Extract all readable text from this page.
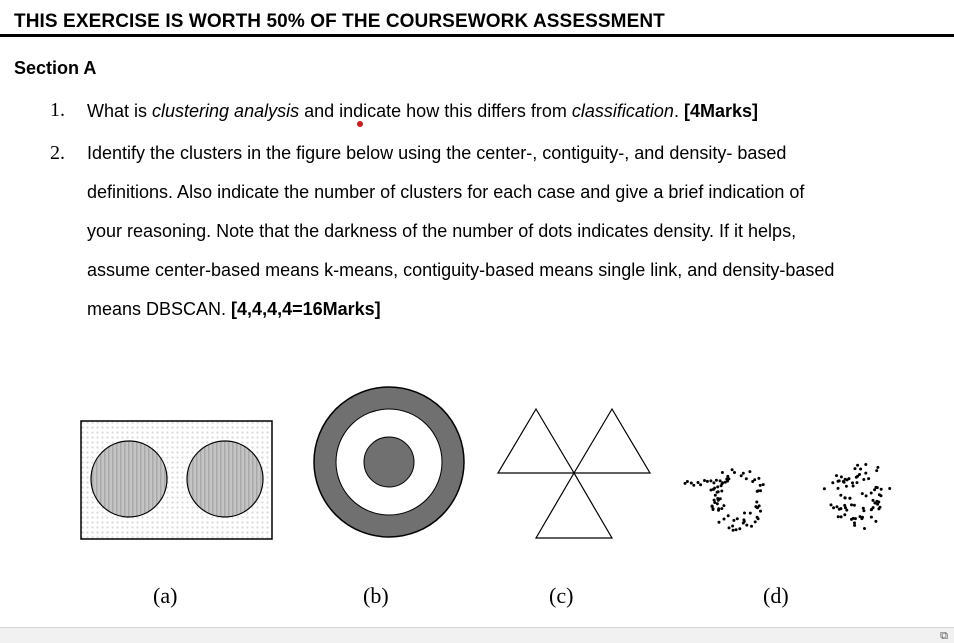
THIS EXERCISE IS WORTH 50% OF THE COURSEWORK ASSESSMENT
Section A
1. What is clustering analysis and indicate how this differs from classification. [4Marks]
2. Identify the clusters in the figure below using the center-, contiguity-, and density- based
definitions. Also indicate the number of clusters for each case and give a brief indication of
your reasoning. Note that the darkness of the number of dots indicates density. If it helps,
assume center-based means k-means, contiguity-based means single link, and density-based
means DBSCAN. [4,4,4,4=16Marks]
(a)	(b)	(c)	(d)
⧉
